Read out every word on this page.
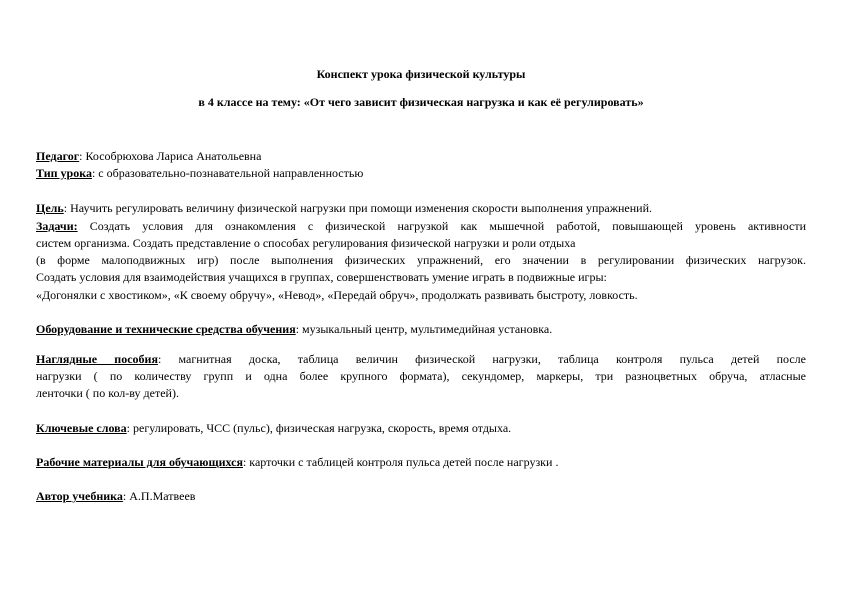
Конспект урока физической культуры
в 4 классе на тему: «От чего зависит физическая нагрузка и как её регулировать»
Педагог: Кособрюхова Лариса Анатольевна
Тип урока: с образовательно-познавательной направленностью
Цель: Научить регулировать величину физической нагрузки при помощи изменения скорости выполнения упражнений.
Задачи: Создать условия для ознакомления с физической нагрузкой как мышечной работой, повышающей уровень активности
систем организма. Создать представление о способах регулирования физической нагрузки и роли отдыха
(в форме малоподвижных игр) после выполнения физических упражнений, его значении в регулировании физических нагрузок.
Создать условия для взаимодействия учащихся в группах, совершенствовать умение играть в подвижные игры:
«Догонялки с хвостиком», «К своему обручу», «Невод», «Передай обруч», продолжать развивать быстроту, ловкость.
Оборудование и технические средства обучения: музыкальный центр, мультимедийная установка.
Наглядные пособия: магнитная доска, таблица величин физической нагрузки, таблица контроля пульса детей после
нагрузки ( по количеству групп и одна более крупного формата), секундомер, маркеры, три разноцветных обруча, атласные
ленточки ( по кол-ву детей).
Ключевые слова: регулировать, ЧСС (пульс), физическая нагрузка, скорость, время отдыха.
Рабочие материалы для обучающихся: карточки с таблицей контроля пульса детей после нагрузки .
Автор учебника: А.П.Матвеев
